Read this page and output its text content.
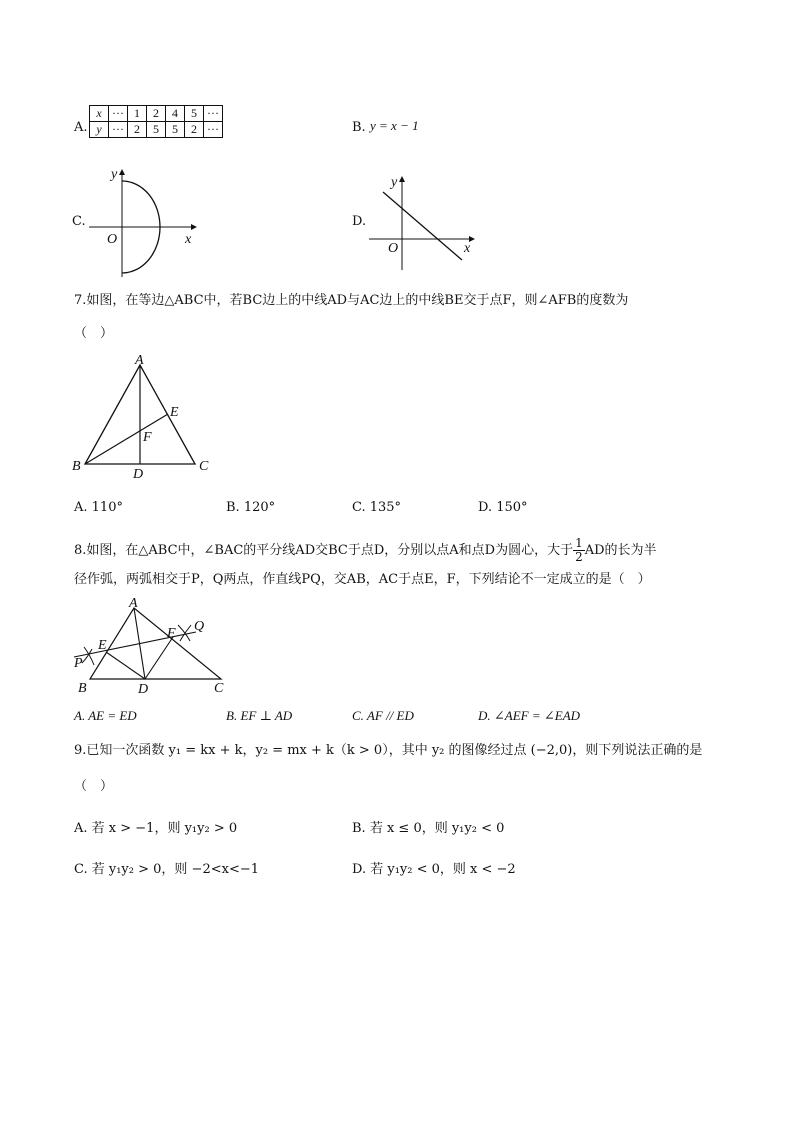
A.
x	···	1	2	4	5	···
y	···	2	5	5	2	···	B. y = x − 1
C.
y
x
O
D.
y
x
O
7.如图，在等边△ABC中，若BC边上的中线AD与AC边上的中线BE交于点F，则∠AFB的度数为
（　）
A
B	C
D
E
F
A. 110°	B. 120°	C. 135°	D. 150°
8.如图，在△ABC中，∠BAC的平分线AD交BC于点D，分别以点A和点D为圆心，大于 $\frac{1}{2}$ AD的长为半
径作弧，两弧相交于P，Q两点，作直线PQ，交AB，AC于点E，F，下列结论不一定成立的是（　）
A
B	C
D
E
F
P
Q
A. AE = ED	B. EF ⊥ AD	C. AF // ED	D. ∠AEF = ∠EAD
9.已知一次函数 y₁ = kx + k，y₂ = mx + k（k > 0），其中 y₂ 的图像经过点 (−2,0)，则下列说法正确的是
（　）
A. 若 x > −1，则 y₁y₂ > 0	B. 若 x ≤ 0，则 y₁y₂ < 0
C. 若 y₁y₂ > 0，则 −2<x<−1	D. 若 y₁y₂ < 0，则 x < −2
